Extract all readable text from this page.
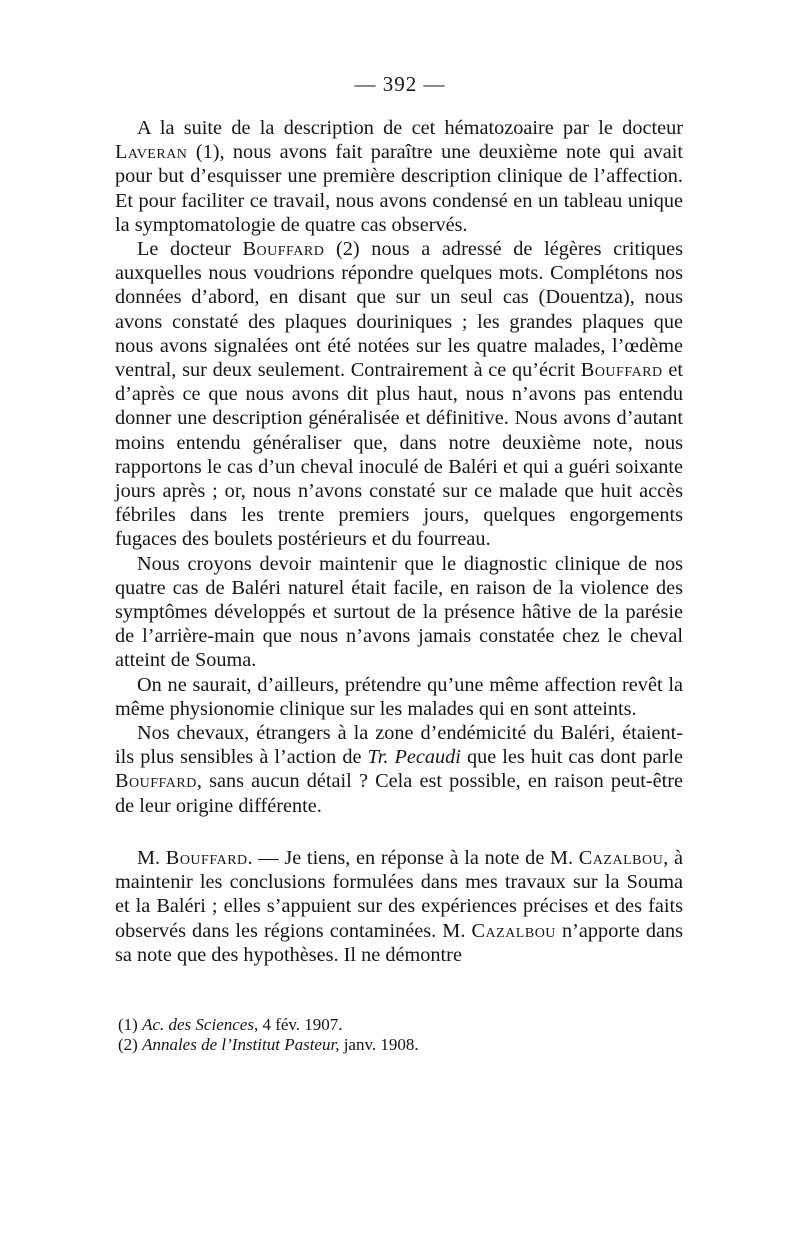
— 392 —

A la suite de la description de cet hématozoaire par le docteur Laveran (1), nous avons fait paraître une deuxième note qui avait pour but d’esquisser une première description clinique de l’affection. Et pour faciliter ce travail, nous avons condensé en un tableau unique la symptomatologie de quatre cas observés.

Le docteur Bouffard (2) nous a adressé de légères critiques auxquelles nous voudrions répondre quelques mots. Complétons nos données d’abord, en disant que sur un seul cas (Douentza), nous avons constaté des plaques douriniques ; les grandes plaques que nous avons signalées ont été notées sur les quatre malades, l’œdème ventral, sur deux seulement. Contrairement à ce qu’écrit Bouffard et d’après ce que nous avons dit plus haut, nous n’avons pas entendu donner une description généralisée et définitive. Nous avons d’autant moins entendu généraliser que, dans notre deuxième note, nous rapportons le cas d’un cheval inoculé de Baléri et qui a guéri soixante jours après ; or, nous n’avons constaté sur ce malade que huit accès fébriles dans les trente premiers jours, quelques engorgements fugaces des boulets postérieurs et du fourreau.

Nous croyons devoir maintenir que le diagnostic clinique de nos quatre cas de Baléri naturel était facile, en raison de la violence des symptômes développés et surtout de la présence hâtive de la parésie de l’arrière-main que nous n’avons jamais constatée chez le cheval atteint de Souma.

On ne saurait, d’ailleurs, prétendre qu’une même affection revêt la même physionomie clinique sur les malades qui en sont atteints.

Nos chevaux, étrangers à la zone d’endémicité du Baléri, étaient-ils plus sensibles à l’action de Tr. Pecaudi que les huit cas dont parle Bouffard, sans aucun détail ? Cela est possible, en raison peut-être de leur origine différente.

M. Bouffard. — Je tiens, en réponse à la note de M. Cazalbou, à maintenir les conclusions formulées dans mes travaux sur la Souma et la Baléri ; elles s’appuient sur des expériences précises et des faits observés dans les régions contaminées. M. Cazalbou n’apporte dans sa note que des hypothèses. Il ne démontre

(1) Ac. des Sciences, 4 fév. 1907.
(2) Annales de l’Institut Pasteur, janv. 1908.
